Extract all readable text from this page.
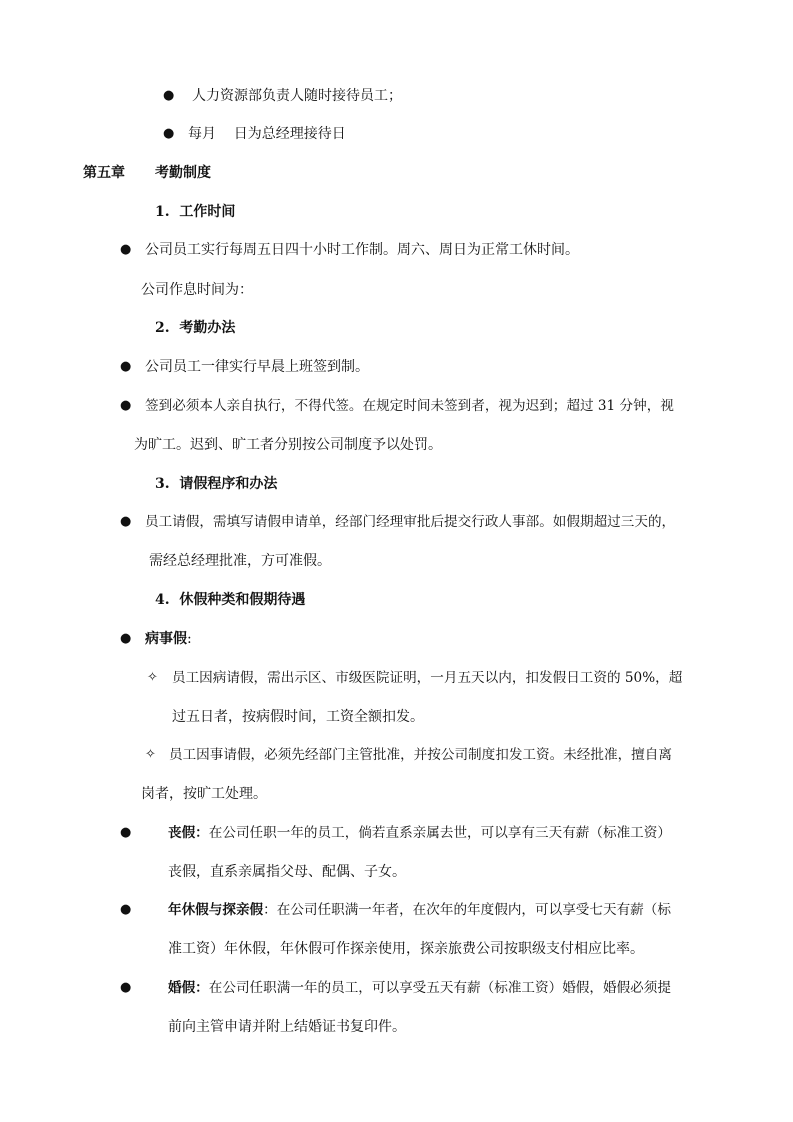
● 人力资源部负责人随时接待员工；
● 每月    日为总经理接待日
第五章 考勤制度
1.  工作时间
● 公司员工实行每周五日四十小时工作制。周六、周日为正常工休时间。
公司作息时间为：
2.  考勤办法
● 公司员工一律实行早晨上班签到制。
● 签到必须本人亲自执行，不得代签。在规定时间未签到者，视为迟到；超过 31 分钟，视
为旷工。迟到、旷工者分别按公司制度予以处罚。
3.  请假程序和办法
● 员工请假，需填写请假申请单，经部门经理审批后提交行政人事部。如假期超过三天的，
需经总经理批准，方可准假。
4.  休假种类和假期待遇
● 病事假:
✧ 员工因病请假，需出示区、市级医院证明，一月五天以内，扣发假日工资的 50%，超
过五日者，按病假时间，工资全额扣发。
✧ 员工因事请假，必须先经部门主管批准，并按公司制度扣发工资。未经批准，擅自离
岗者，按旷工处理。
●	丧假：在公司任职一年的员工，倘若直系亲属去世，可以享有三天有薪（标准工资）
丧假，直系亲属指父母、配偶、子女。
●	年休假与探亲假：在公司任职满一年者，在次年的年度假内，可以享受七天有薪（标
准工资）年休假，年休假可作探亲使用，探亲旅费公司按职级支付相应比率。
●	婚假：在公司任职满一年的员工，可以享受五天有薪（标准工资）婚假，婚假必须提
前向主管申请并附上结婚证书复印件。
